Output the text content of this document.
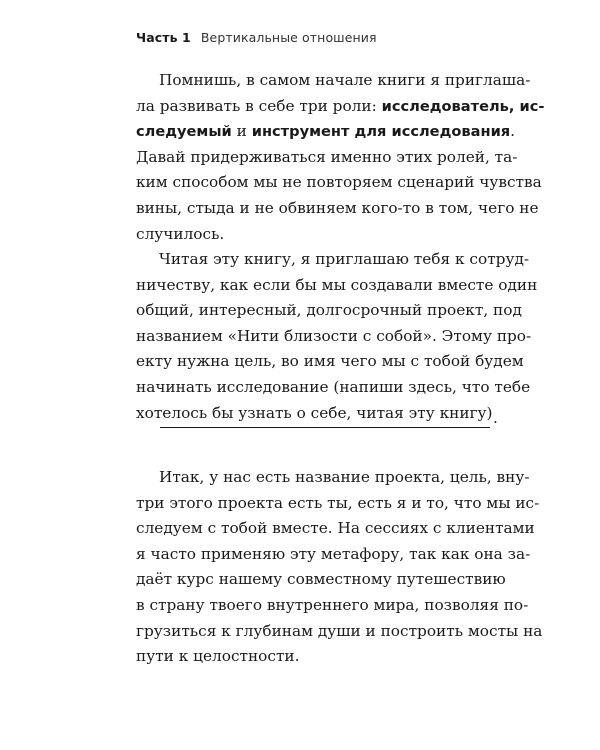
Часть 1 Вертикальные отношения
Помнишь, в самом начале книги я приглаша-
ла развивать в себе три роли: исследователь, ис-
следуемый и инструмент для исследования.
Давай придерживаться именно этих ролей, та-
ким способом мы не повторяем сценарий чувства
вины, стыда и не обвиняем кого-то в том, чего не
случилось.
Читая эту книгу, я приглашаю тебя к сотруд-
ничеству, как если бы мы создавали вместе один
общий, интересный, долгосрочный проект, под
названием «Нити близости с собой». Этому про-
екту нужна цель, во имя чего мы с тобой будем
начинать исследование (напиши здесь, что тебе
хотелось бы узнать о себе, читая эту книгу) .
Итак, у нас есть название проекта, цель, вну-
три этого проекта есть ты, есть я и то, что мы ис-
следуем с тобой вместе. На сессиях с клиентами
я часто применяю эту метафору, так как она за-
даёт курс нашему совместному путешествию
в страну твоего внутреннего мира, позволяя по-
грузиться к глубинам души и построить мосты на
пути к целостности.
